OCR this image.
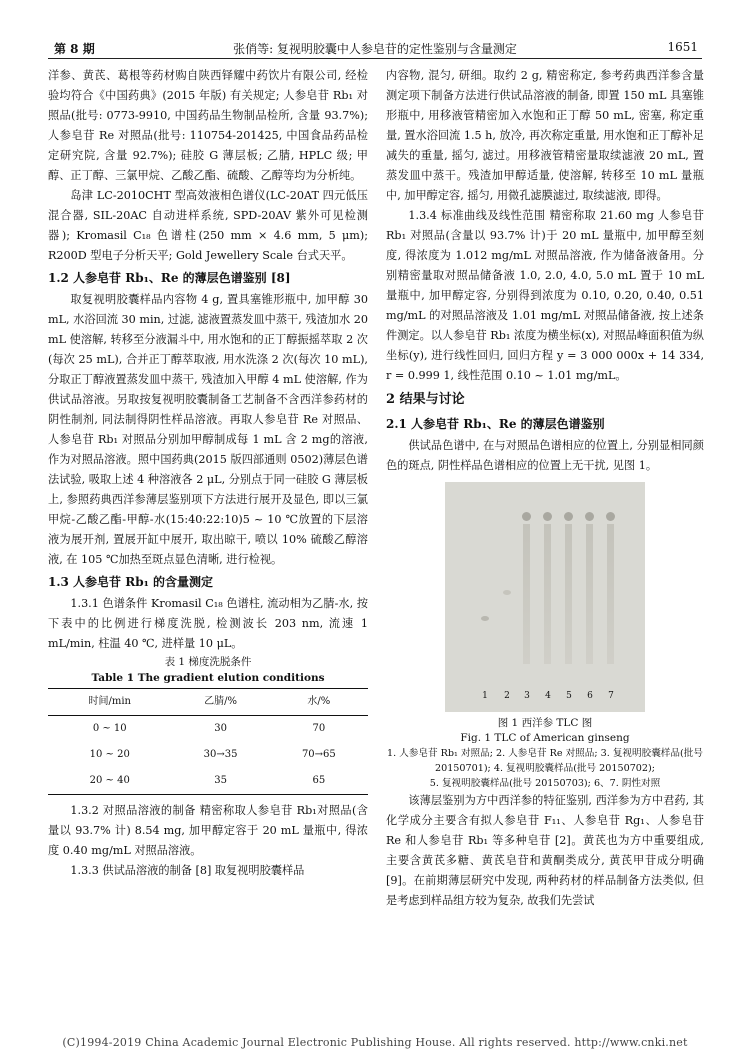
第 8 期	张俏等: 复视明胶囊中人参皂苷的定性鉴别与含量测定	1651

洋参、黄芪、葛根等药材购自陕西铎耀中药饮片有限公司, 经检验均符合《中国药典》(2015 年版) 有关规定; 人参皂苷 Rb₁ 对照品(批号: 0773-9910, 中国药品生物制品检所, 含量 93.7%); 人参皂苷 Re 对照品(批号: 110754-201425, 中国食品药品检定研究院, 含量 92.7%); 硅胶 G 薄层板; 乙腈, HPLC 级; 甲醇、正丁醇、三氯甲烷、乙酸乙酯、硫酸、乙醇等均为分析纯。

岛津 LC-2010CHT 型高效液相色谱仪(LC-20AT 四元低压混合器, SIL-20AC 自动进样系统, SPD-20AV 紫外可见检测器); Kromasil C₁₈ 色谱柱(250 mm × 4.6 mm, 5 μm); R200D 型电子分析天平; Gold Jewellery Scale 台式天平。

1.2 人参皂苷 Rb₁、Re 的薄层色谱鉴别 [8]

取复视明胶囊样品内容物 4 g, 置具塞锥形瓶中, 加甲醇 30 mL, 水浴回流 30 min, 过滤, 滤液置蒸发皿中蒸干, 残渣加水 20 mL 使溶解, 转移至分液漏斗中, 用水饱和的正丁醇振摇萃取 2 次(每次 25 mL), 合并正丁醇萃取液, 用水洗涤 2 次(每次 10 mL), 分取正丁醇液置蒸发皿中蒸干, 残渣加入甲醇 4 mL 使溶解, 作为供试品溶液。另取按复视明胶囊制备工艺制备不含西洋参药材的阴性制剂, 同法制得阴性样品溶液。再取人参皂苷 Re 对照品、人参皂苷 Rb₁ 对照品分别加甲醇制成每 1 mL 含 2 mg的溶液, 作为对照品溶液。照中国药典(2015 版四部通则 0502)薄层色谱法试验, 吸取上述 4 种溶液各 2 μL, 分别点于同一硅胶 G 薄层板上, 参照药典西洋参薄层鉴别项下方法进行展开及显色, 即以三氯甲烷-乙酸乙酯-甲醇-水(15:40:22:10)5 ~ 10 ℃放置的下层溶液为展开剂, 置展开缸中展开, 取出晾干, 喷以 10% 硫酸乙醇溶液, 在 105 ℃加热至斑点显色清晰, 进行检视。

1.3 人参皂苷 Rb₁ 的含量测定

1.3.1 色谱条件 Kromasil C₁₈ 色谱柱, 流动相为乙腈-水, 按下表中的比例进行梯度洗脱, 检测波长 203 nm, 流速 1 mL/min, 柱温 40 ℃, 进样量 10 μL。

表 1 梯度洗脱条件
Table 1 The gradient elution conditions
时间/min	乙腈/%	水/%
0 ~ 10	30	70
10 ~ 20	30→35	70→65
20 ~ 40	35	65

1.3.2 对照品溶液的制备 精密称取人参皂苷 Rb₁对照品(含量以 93.7% 计) 8.54 mg, 加甲醇定容于 20 mL 量瓶中, 得浓度 0.40 mg/mL 对照品溶液。

1.3.3 供试品溶液的制备 [8] 取复视明胶囊样品

内容物, 混匀, 研细。取约 2 g, 精密称定, 参考药典西洋参含量测定项下制备方法进行供试品溶液的制备, 即置 150 mL 具塞锥形瓶中, 用移液管精密加入水饱和正丁醇 50 mL, 密塞, 称定重量, 置水浴回流 1.5 h, 放冷, 再次称定重量, 用水饱和正丁醇补足减失的重量, 摇匀, 滤过。用移液管精密量取续滤液 20 mL, 置蒸发皿中蒸干。残渣加甲醇适量, 使溶解, 转移至 10 mL 量瓶中, 加甲醇定容, 摇匀, 用微孔滤膜滤过, 取续滤液, 即得。

1.3.4 标准曲线及线性范围 精密称取 21.60 mg 人参皂苷 Rb₁ 对照品(含量以 93.7% 计)于 20 mL 量瓶中, 加甲醇至刻度, 得浓度为 1.012 mg/mL 对照品溶液, 作为储备液备用。分别精密量取对照品储备液 1.0, 2.0, 4.0, 5.0 mL 置于 10 mL 量瓶中, 加甲醇定容, 分别得到浓度为 0.10, 0.20, 0.40, 0.51 mg/mL 的对照品溶液及 1.01 mg/mL 对照品储备液, 按上述条件测定。以人参皂苷 Rb₁ 浓度为横坐标(x), 对照品峰面积值为纵坐标(y), 进行线性回归, 回归方程 y = 3 000 000x + 14 334, r = 0.999 1, 线性范围 0.10 ~ 1.01 mg/mL。

2 结果与讨论

2.1 人参皂苷 Rb₁、Re 的薄层色谱鉴别

供试品色谱中, 在与对照品色谱相应的位置上, 分别显相同颜色的斑点, 阴性样品色谱相应的位置上无干扰, 见图 1。

1	2	3	4	5	6	7
图 1 西洋参 TLC 图
Fig. 1 TLC of American ginseng
1. 人参皂苷 Rb₁ 对照品; 2. 人参皂苷 Re 对照品; 3. 复视明胶囊样品(批号 20150701); 4. 复视明胶囊样品(批号 20150702);
5. 复视明胶囊样品(批号 20150703); 6、7. 阴性对照

该薄层鉴别为方中西洋参的特征鉴别, 西洋参为方中君药, 其化学成分主要含有拟人参皂苷 F₁₁、人参皂苷 Rg₁、人参皂苷 Re 和人参皂苷 Rb₁ 等多种皂苷 [2]。黄芪也为方中重要组成, 主要含黄芪多糖、黄芪皂苷和黄酮类成分, 黄芪甲苷成分明确 [9]。在前期薄层研究中发现, 两种药材的样品制备方法类似, 但是考虑到样品组方较为复杂, 故我们先尝试

(C)1994-2019 China Academic Journal Electronic Publishing House. All rights reserved. http://www.cnki.net
